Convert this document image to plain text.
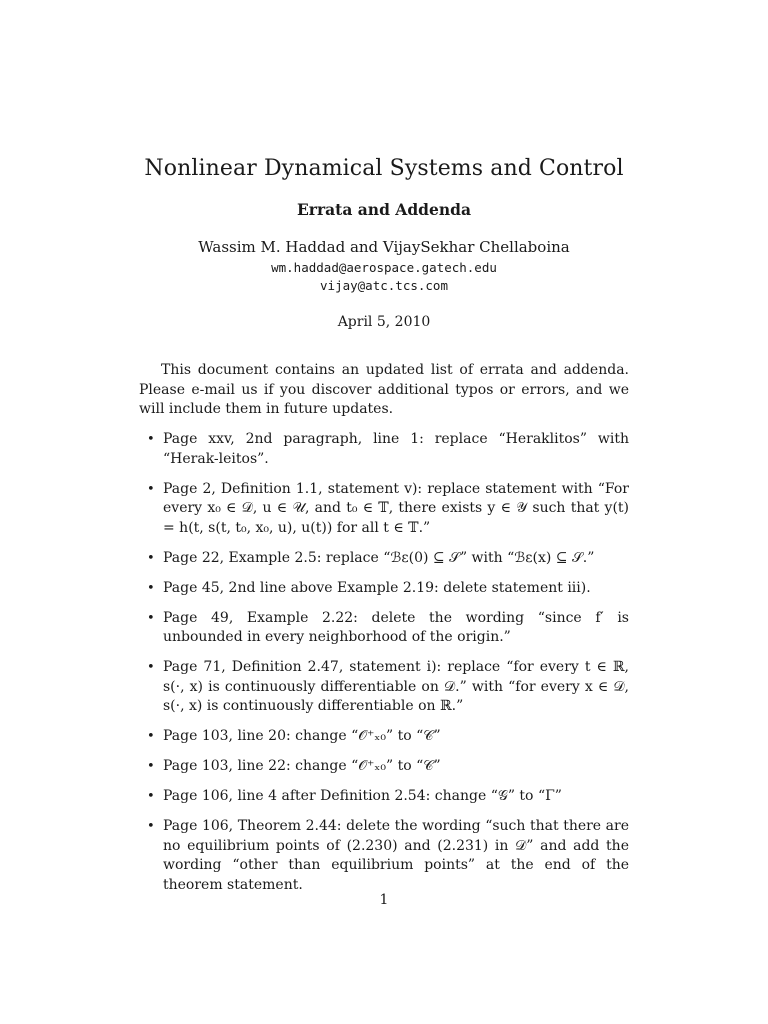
Nonlinear Dynamical Systems and Control
Errata and Addenda
Wassim M. Haddad and VijaySekhar Chellaboina
wm.haddad@aerospace.gatech.edu
vijay@atc.tcs.com
April 5, 2010

This document contains an updated list of errata and addenda. Please e-mail us if you discover additional typos or errors, and we will include them in future updates.

• Page xxv, 2nd paragraph, line 1: replace “Heraklitos” with “Herak-leitos”.
• Page 2, Definition 1.1, statement v): replace statement with “For every x₀ ∈ 𝒟, u ∈ 𝒰, and t₀ ∈ 𝕋, there exists y ∈ 𝒴 such that y(t) = h(t, s(t, t₀, x₀, u), u(t)) for all t ∈ 𝕋.”
• Page 22, Example 2.5: replace “ℬε(0) ⊆ 𝒮” with “ℬε(x) ⊆ 𝒮.”
• Page 45, 2nd line above Example 2.19: delete statement iii).
• Page 49, Example 2.22: delete the wording “since f′ is unbounded in every neighborhood of the origin.”
• Page 71, Definition 2.47, statement i): replace “for every t ∈ ℝ, s(·, x) is continuously differentiable on 𝒟.” with “for every x ∈ 𝒟, s(·, x) is continuously differentiable on ℝ.”
• Page 103, line 20: change “𝒪⁺ₓ₀” to “𝒞”
• Page 103, line 22: change “𝒪⁺ₓ₀” to “𝒞”
• Page 106, line 4 after Definition 2.54: change “𝒢” to “Γ”
• Page 106, Theorem 2.44: delete the wording “such that there are no equilibrium points of (2.230) and (2.231) in 𝒟” and add the wording “other than equilibrium points” at the end of the theorem statement.
1
